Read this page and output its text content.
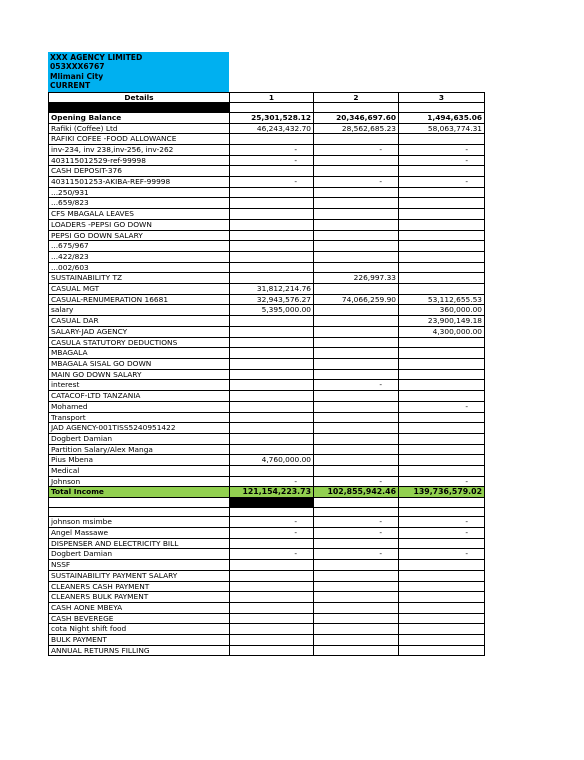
XXX AGENCY LIMITED
053XXX6767
Mlimani City
CURRENT
Details	1	2	3

Opening Balance	25,301,528.12	20,346,697.60	1,494,635.06
Rafiki (Coffee) Ltd	46,243,432.70	28,562,685.23	58,063,774.31
RAFIKI COFEE -FOOD ALLOWANCE			
inv-234, inv 238,inv-256, inv-262	-	-	-
403115012529-ref-99998	-		-
CASH DEPOSIT-376			
40311501253-AKIBA-REF-99998	-	-	-
...250/931			
...659/823			
CFS MBAGALA LEAVES			
LOADERS -PEPSI GO DOWN			
PEPSI GO DOWN SALARY			
...675/967			
...422/823			
...002/603			
SUSTAINABILITY TZ		226,997.33	
CASUAL MGT	31,812,214.76		
CASUAL-RENUMERATION 16681	32,943,576.27	74,066,259.90	53,112,655.53
salary	5,395,000.00		360,000.00
CASUAL DAR			23,900,149.18
SALARY-JAD AGENCY			4,300,000.00
CASULA STATUTORY DEDUCTIONS			
MBAGALA			
MBAGALA SISAL GO DOWN			
MAIN GO DOWN SALARY			
interest		-	
CATACOF-LTD TANZANIA			
Mohamed			-
Transport			
JAD AGENCY-001TISS5240951422			
Dogbert Damian			
Partition Salary/Alex Manga			
Pius Mbena	4,760,000.00		
Medical			
Johnson	-	-	-
Total Income	121,154,223.73	102,855,942.46	139,736,579.02

johnson msimbe	-	-	-
Angel Massawe	-	-	-
DISPENSER AND ELECTRICITY BILL			
Dogbert Damian	-	-	-
NSSF			
SUSTAINABILITY PAYMENT SALARY			
CLEANERS CASH PAYMENT			
CLEANERS BULK PAYMENT			
CASH AONE MBEYA			
CASH BEVEREGE			
cota Night shift food			
BULK PAYMENT			
ANNUAL RETURNS FILLING			
